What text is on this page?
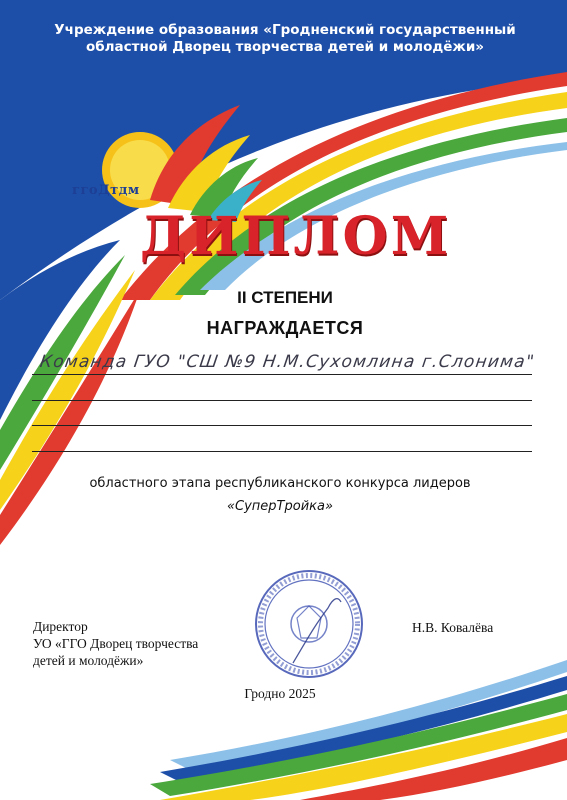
Учреждение образования «Гродненский государственный
областной Дворец творчества детей и молодёжи»
ггоДтдм
ДИПЛОМ
II СТЕПЕНИ
НАГРАЖДАЕТСЯ
Команда ГУО "СШ №9 Н.М.Сухомлина г.Слонима"
областного этапа республиканского конкурса лидеров
«СуперТройка»
Директор
УО «ГГО Дворец творчества
детей и молодёжи»
Н.В. Ковалёва
Гродно 2025
